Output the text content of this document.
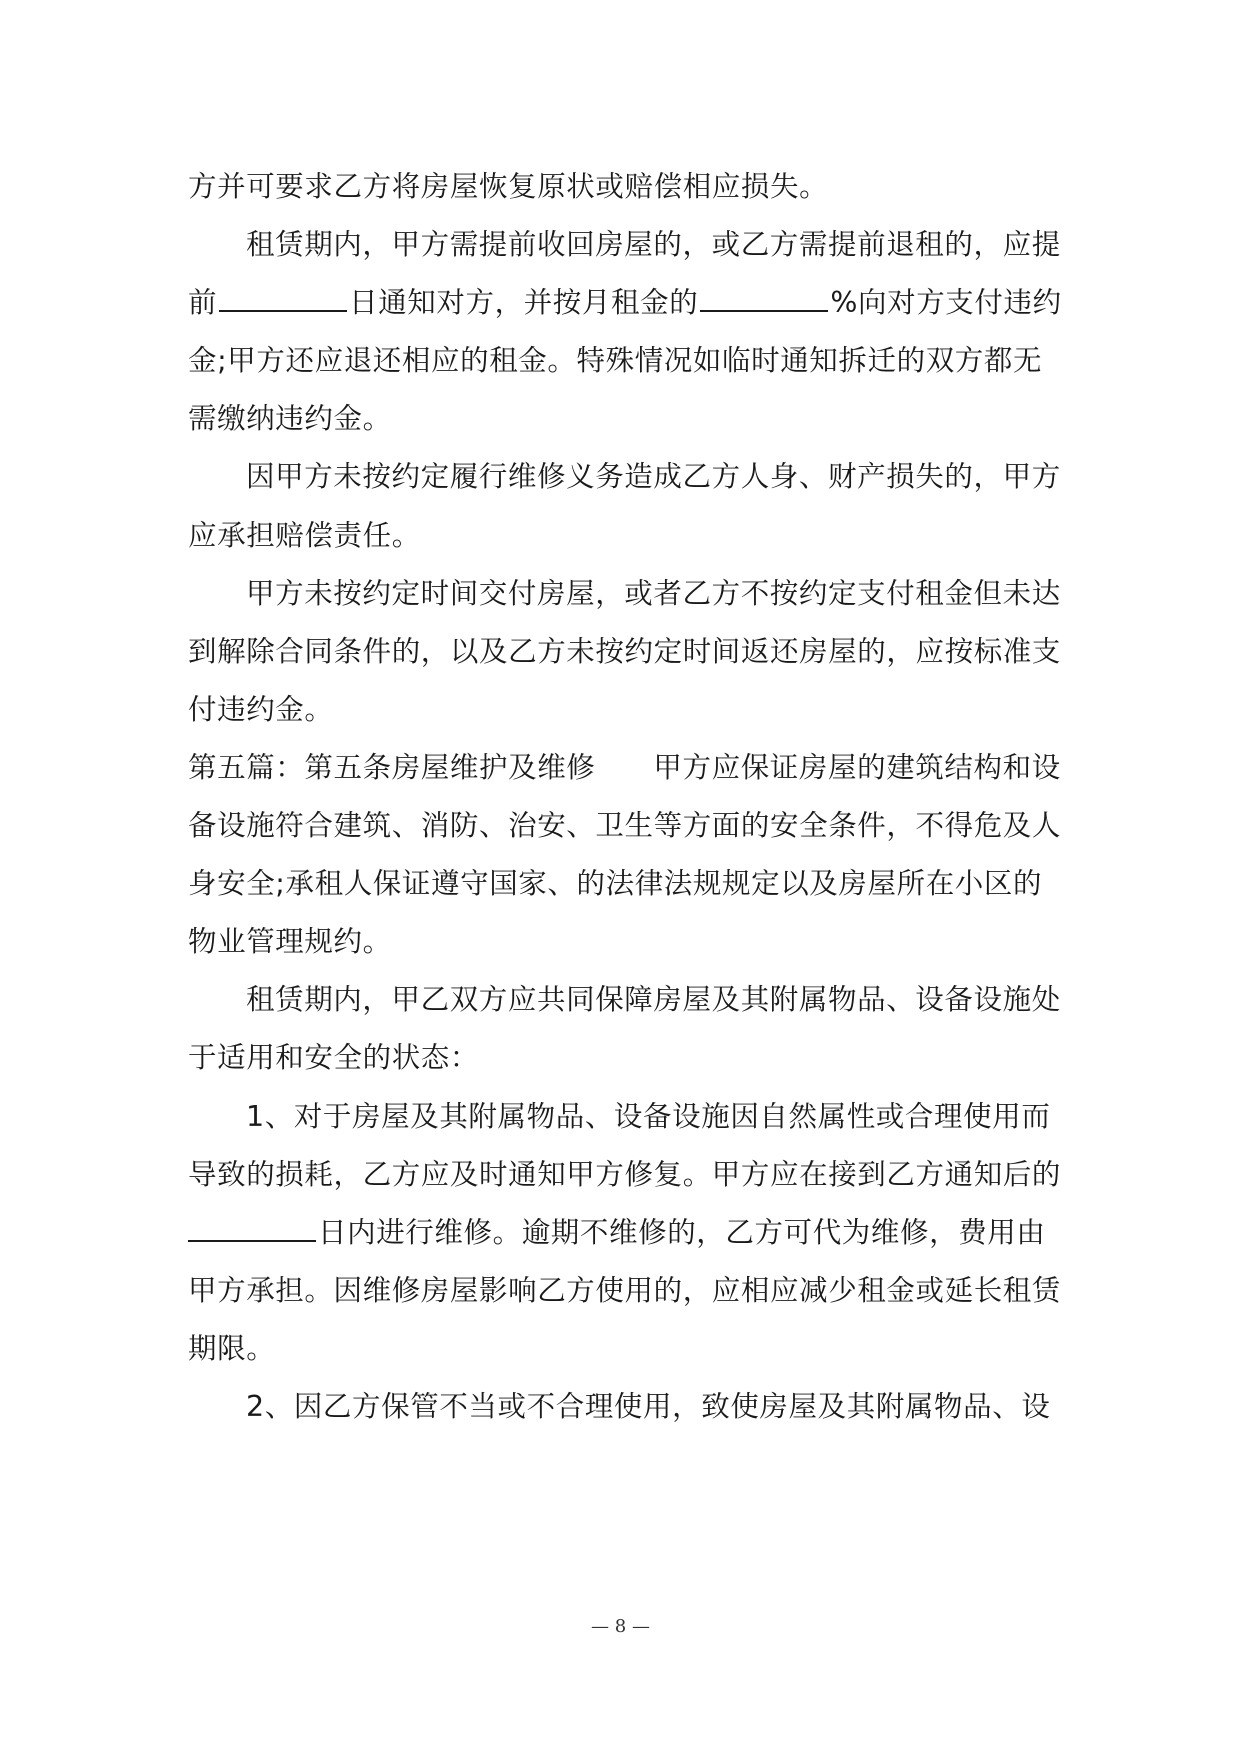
方并可要求乙方将房屋恢复原状或赔偿相应损失。
租赁期内，甲方需提前收回房屋的，或乙方需提前退租的，应提
前	日通知对方，并按月租金的	%向对方支付违约
金;甲方还应退还相应的租金。特殊情况如临时通知拆迁的双方都无
需缴纳违约金。
因甲方未按约定履行维修义务造成乙方人身、财产损失的，甲方
应承担赔偿责任。
甲方未按约定时间交付房屋，或者乙方不按约定支付租金但未达
到解除合同条件的，以及乙方未按约定时间返还房屋的，应按标准支
付违约金。
第五篇：第五条房屋维护及维修 甲方应保证房屋的建筑结构和设
备设施符合建筑、消防、治安、卫生等方面的安全条件，不得危及人
身安全;承租人保证遵守国家、的法律法规规定以及房屋所在小区的
物业管理规约。
租赁期内，甲乙双方应共同保障房屋及其附属物品、设备设施处
于适用和安全的状态：
1、对于房屋及其附属物品、设备设施因自然属性或合理使用而
导致的损耗，乙方应及时通知甲方修复。甲方应在接到乙方通知后的
日内进行维修。逾期不维修的，乙方可代为维修，费用由
甲方承担。因维修房屋影响乙方使用的，应相应减少租金或延长租赁
期限。
2、因乙方保管不当或不合理使用，致使房屋及其附属物品、设
— 8 —
